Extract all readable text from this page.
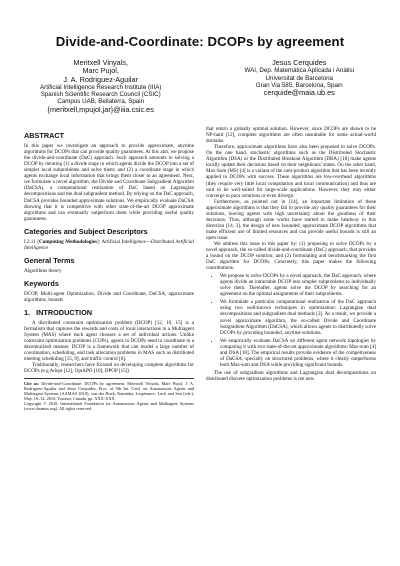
Divide-and-Coordinate: DCOPs by agreement
Meritxell Vinyals,
Marc Pujol,
J. A. Rodriguez-Aguilar
Artificial Intelligence Research Institute (IIIA)
Spanish Scientific Research Council (CSIC)
Campus UAB, Bellaterra, Spain
{meritxell,mpujol,jar}@iiia.csic.es
Jesus Cerquides
WAI, Dep. Matemàtica Aplicada i Anàlisi
Universitat de Barcelona
Gran Via 585, Barcelona, Spain
cerquide@maia.ub.es
ABSTRACT

In this paper we investigate an approach to provide approximate, anytime algorithms for DCOPs that can provide quality guarantees. At this aim, we propose the divide-and-coordinate (DaC) approach. Such approach amounts to solving a DCOP by iterating (1) a divide stage in which agents divide the DCOP into a set of simpler local subproblems and solve them; and (2) a coordinate stage in which agents exchange local information that brings them closer to an agreement. Next, we formulate a novel algorithm, the Divide and Coordinate Subgradient Algorithm (DaCSA), a computational realization of DaC based on Lagrangian decompositions and the dual subgradient method. By relying on the DaC approach, DaCSA provides bounded approximate solutions. We empirically evaluate DaCSA showing that it is competitive with other state-of-the-art DCOP approximate algorithms and can eventually outperform them while providing useful quality guarantees.

Categories and Subject Descriptors

I.2.11 [Computing Methodologies]: Artificial Intelligence—Distributed Artificial Intelligence

General Terms

Algorithms theory

Keywords

DCOP, Multi-agent Optimization, Divide and Coordinate, DaCSA, approximate algorithms, bounds

1. INTRODUCTION

A distributed constraint optimization problem (DCOP) [12, 10, 15] is a formalism that captures the rewards and costs of local interactions in a Multiagent System (MAS) where each agent chooses a set of individual actions. Unlike constraint optimization problems (COPs), agents in DCOPs need to coordinate in a decentralized manner. DCOP is a framework that can model a large number of coordination, scheduling, and task allocation problems in MAS such as distributed meeting scheduling [15, 9], and traffic control [6].

Traditionally, researchers have focused on developing complete algorithms for DCOPs (e.g Adopt [12], OptAPO [10], DPOP [15])

Cite as: Divide-and-Coordinate: DCOPs by agreement, Meritxell Vinyals, Marc Pujol, J. A. Rodriguez-Aguilar and Jesus Cerquides, Proc. of 9th Int. Conf. on Autonomous Agents and Multiagent Systems (AAMAS 2010), van der Hoek, Kaminka, Lespérance, Luck and Sen (eds.), May, 10–14, 2010, Toronto, Canada, pp. XXX-XXX.
Copyright © 2010, International Foundation for Autonomous Agents and Multiagent Systems (www.ifaamas.org). All rights reserved.

that return a globally optimal solution. However, since DCOPs are shown to be NP-hard [12], complete algorithms are often unsuitable for some actual-world domains.

Therefore, approximate algorithms have also been proposed to solve DCOPs. On the one hand, stochastic algorithms such as the Distributed Stochastic Algorithm (DSA) or the Distributed Breakout Algorithm (DBA) [18] make agents locally update their decisions based on their neighbours' states. On the other hand, Max-Sum (MS) [4] is a variant of the sum-product algorithm that has been recently applied to DCOPs with success. These algorithms are low-overhead algorithms (they require very little local computation and local communication) and thus are said to be well-suited for large-scale applications. However, they may either converge to poor solutions or even diverge.

Furthermore, as pointed out in [14], an important limitation of these approximate algorithms is that they fail to provide any quality guarantees for their solutions, leaving agents with high uncertainty about the goodness of their decisions. Thus, although some works have started to make headway in this direction [14, 3], the design of new bounded, approximate DCOP algorithms that make efficient use of limited resources and can provide useful bounds is still an open issue.

We address this issue in this paper by: (1) proposing to solve DCOPs by a novel approach, the so-called divide-and-coordinate (DaC) approach, that provides a bound on the DCOP solution; and (2) formulating and benchmarking the first DaC algorithm for DCOPs. Concretely, this paper makes the following contributions:

• We propose to solve DCOPs by a novel approach, the DaC approach, where agents divide an intractable DCOP into simpler subproblems to individually solve them. Thereafter, agents solve the DCOP by searching for an agreement on the optimal assignments of their subproblems.
• We formulate a particular computational realization of the DaC approach using two well-known techniques in optimization: Lagrangian dual decompositions and subgradient dual methods [2]. As a result, we provide a novel approximate algorithm, the so-called Divide and Coordinate Subgradient Algorithm (DaCSA), which allows agents to distributedly solve DCOPs by providing bounded, anytime solutions.
• We empirically evaluate DaCSA on different agent network topologies by comparing it with two state-of-the-art approximate algorithms: Max-sum [4] and DSA [18]. The empirical results provide evidence of the competiveness of DaCSA, specially on structured problems, where it clearly outperforms both Max-sum and DSA while providing significant bounds.

The use of subgradient algorithms and Lagrangian dual decompositions on distributed discrete optimization problems is not new.
